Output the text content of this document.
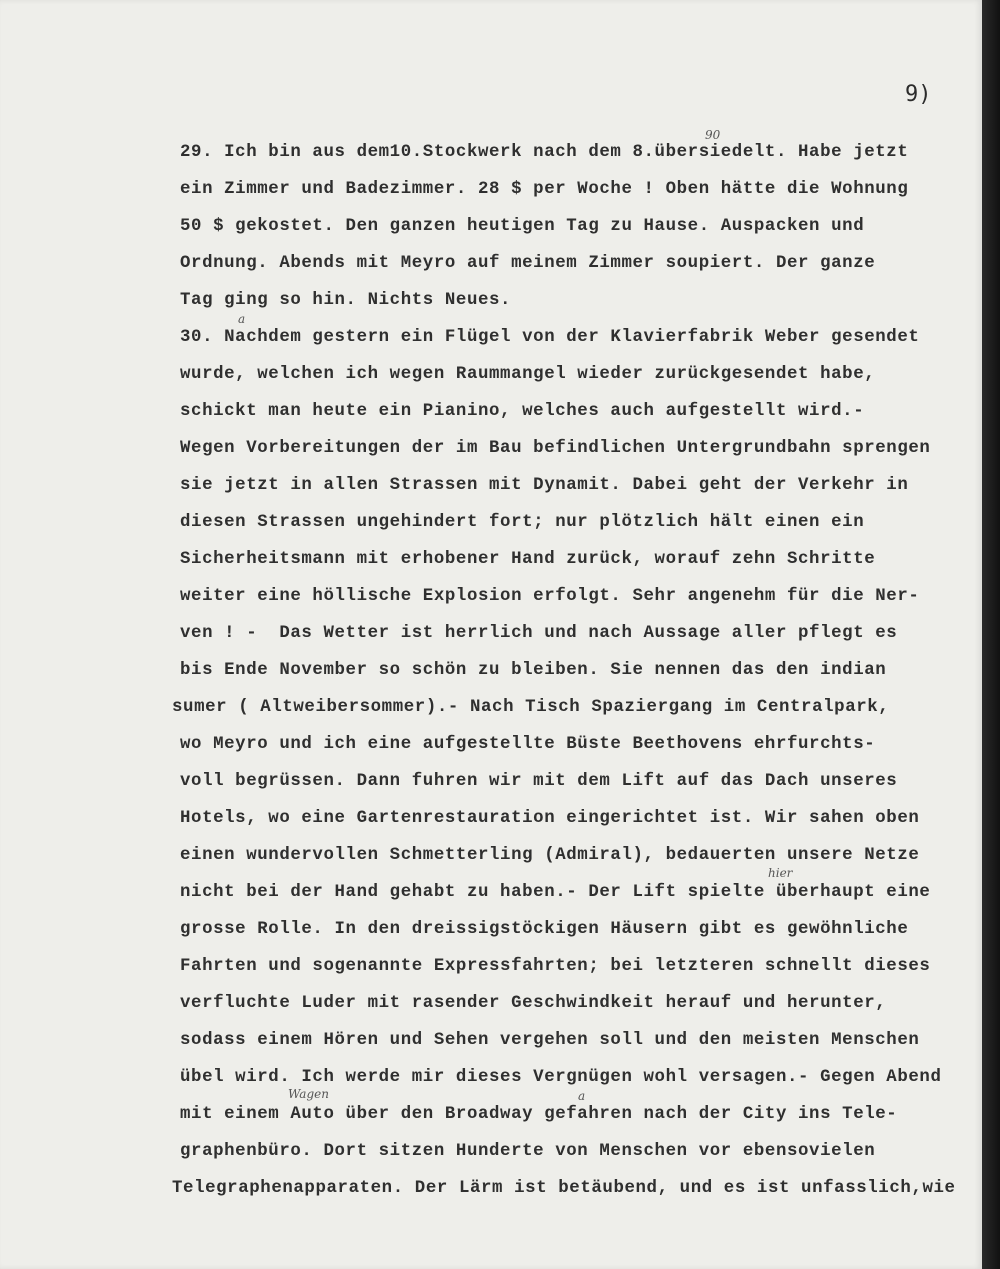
9)
29. Ich bin aus dem10.Stockwerk nach dem 8.übersiedelt. Habe jetzt
ein Zimmer und Badezimmer. 28 $ per Woche ! Oben hätte die Wohnung
50 $ gekostet. Den ganzen heutigen Tag zu Hause. Auspacken und
Ordnung. Abends mit Meyro auf meinem Zimmer soupiert. Der ganze
Tag ging so hin. Nichts Neues.
30. Nachdem gestern ein Flügel von der Klavierfabrik Weber gesendet
wurde, welchen ich wegen Raummangel wieder zurückgesendet habe,
schickt man heute ein Pianino, welches auch aufgestellt wird.-
Wegen Vorbereitungen der im Bau befindlichen Untergrundbahn sprengen
sie jetzt in allen Strassen mit Dynamit. Dabei geht der Verkehr in
diesen Strassen ungehindert fort; nur plötzlich hält einen ein
Sicherheitsmann mit erhobener Hand zurück, worauf zehn Schritte
weiter eine höllische Explosion erfolgt. Sehr angenehm für die Ner-
ven ! -  Das Wetter ist herrlich und nach Aussage aller pflegt es
bis Ende November so schön zu bleiben. Sie nennen das den indian
sumer ( Altweibersommer).- Nach Tisch Spaziergang im Centralpark,
wo Meyro und ich eine aufgestellte Büste Beethovens ehrfurchts-
voll begrüssen. Dann fuhren wir mit dem Lift auf das Dach unseres
Hotels, wo eine Gartenrestauration eingerichtet ist. Wir sahen oben
einen wundervollen Schmetterling (Admiral), bedauerten unsere Netze
nicht bei der Hand gehabt zu haben.- Der Lift spielte überhaupt eine
grosse Rolle. In den dreissigstöckigen Häusern gibt es gewöhnliche
Fahrten und sogenannte Expressfahrten; bei letzteren schnellt dieses
verfluchte Luder mit rasender Geschwindkeit herauf und herunter,
sodass einem Hören und Sehen vergehen soll und den meisten Menschen
übel wird. Ich werde mir dieses Vergnügen wohl versagen.- Gegen Abend
mit einem Auto über den Broadway gefahren nach der City ins Tele-
graphenbüro. Dort sitzen Hunderte von Menschen vor ebensovielen
Telegraphenapparaten. Der Lärm ist betäubend, und es ist unfasslich,wie
90
a
hier
Wagen	a
